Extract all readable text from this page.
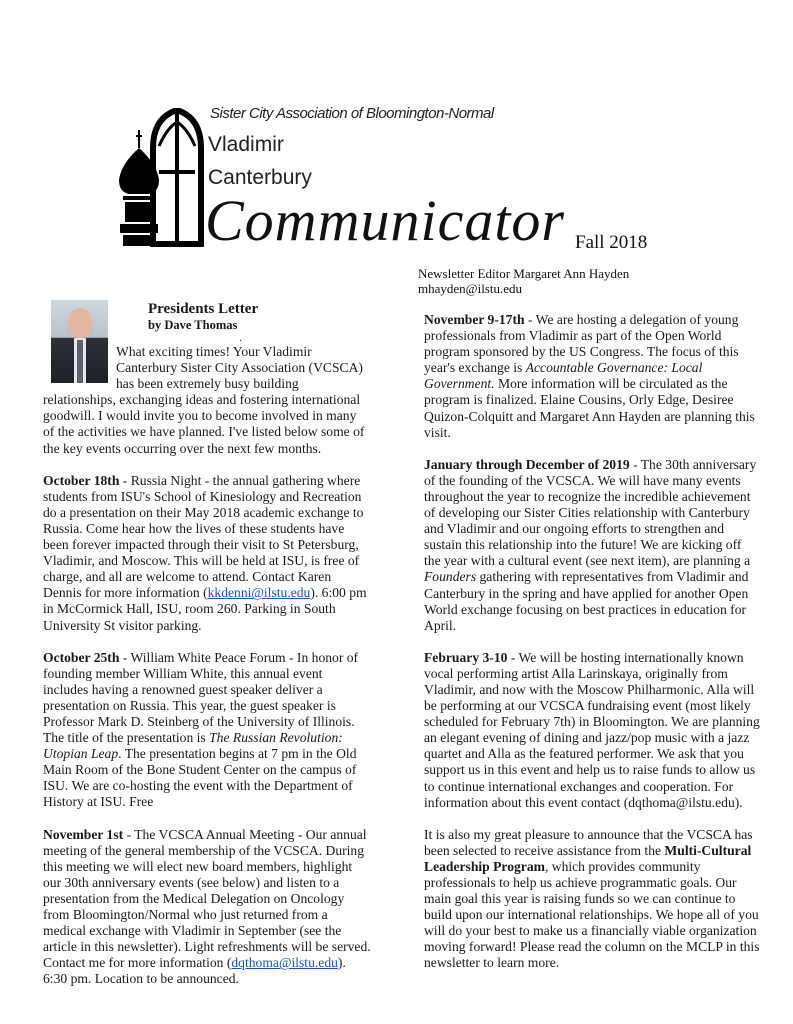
Sister City Association of Bloomington-Normal
Vladimir
Canterbury
Communicator Fall 2018
Newsletter Editor Margaret Ann Hayden
mhayden@ilstu.edu
Presidents Letter
by Dave Thomas
.

What exciting times! Your Vladimir Canterbury Sister City Association (VCSCA) has been extremely busy building relationships, exchanging ideas and fostering international goodwill. I would invite you to become involved in many of the activities we have planned. I've listed below some of the key events occurring over the next few months.

October 18th - Russia Night - the annual gathering where students from ISU's School of Kinesiology and Recreation do a presentation on their May 2018 academic exchange to Russia. Come hear how the lives of these students have been forever impacted through their visit to St Petersburg, Vladimir, and Moscow. This will be held at ISU, is free of charge, and all are welcome to attend. Contact Karen Dennis for more information (kkdenni@ilstu.edu). 6:00 pm in McCormick Hall, ISU, room 260. Parking in South University St visitor parking.

October 25th - William White Peace Forum - In honor of founding member William White, this annual event includes having a renowned guest speaker deliver a presentation on Russia. This year, the guest speaker is Professor Mark D. Steinberg of the University of Illinois. The title of the presentation is The Russian Revolution: Utopian Leap. The presentation begins at 7 pm in the Old Main Room of the Bone Student Center on the campus of ISU. We are co-hosting the event with the Department of History at ISU. Free

November 1st - The VCSCA Annual Meeting - Our annual meeting of the general membership of the VCSCA. During this meeting we will elect new board members, highlight our 30th anniversary events (see below) and listen to a presentation from the Medical Delegation on Oncology from Bloomington/Normal who just returned from a medical exchange with Vladimir in September (see the article in this newsletter). Light refreshments will be served. Contact me for more information (dqthoma@ilstu.edu). 6:30 pm. Location to be announced.

November 9-17th - We are hosting a delegation of young professionals from Vladimir as part of the Open World program sponsored by the US Congress. The focus of this year's exchange is Accountable Governance: Local Government. More information will be circulated as the program is finalized. Elaine Cousins, Orly Edge, Desiree Quizon-Colquitt and Margaret Ann Hayden are planning this visit.

January through December of 2019 - The 30th anniversary of the founding of the VCSCA. We will have many events throughout the year to recognize the incredible achievement of developing our Sister Cities relationship with Canterbury and Vladimir and our ongoing efforts to strengthen and sustain this relationship into the future! We are kicking off the year with a cultural event (see next item), are planning a Founders gathering with representatives from Vladimir and Canterbury in the spring and have applied for another Open World exchange focusing on best practices in education for April.

February 3-10 - We will be hosting internationally known vocal performing artist Alla Larinskaya, originally from Vladimir, and now with the Moscow Philharmonic. Alla will be performing at our VCSCA fundraising event (most likely scheduled for February 7th) in Bloomington. We are planning an elegant evening of dining and jazz/pop music with a jazz quartet and Alla as the featured performer. We ask that you support us in this event and help us to raise funds to allow us to continue international exchanges and cooperation. For information about this event contact (dqthoma@ilstu.edu).

It is also my great pleasure to announce that the VCSCA has been selected to receive assistance from the Multi-Cultural Leadership Program, which provides community professionals to help us achieve programmatic goals. Our main goal this year is raising funds so we can continue to build upon our international relationships. We hope all of you will do your best to make us a financially viable organization moving forward! Please read the column on the MCLP in this newsletter to learn more.
